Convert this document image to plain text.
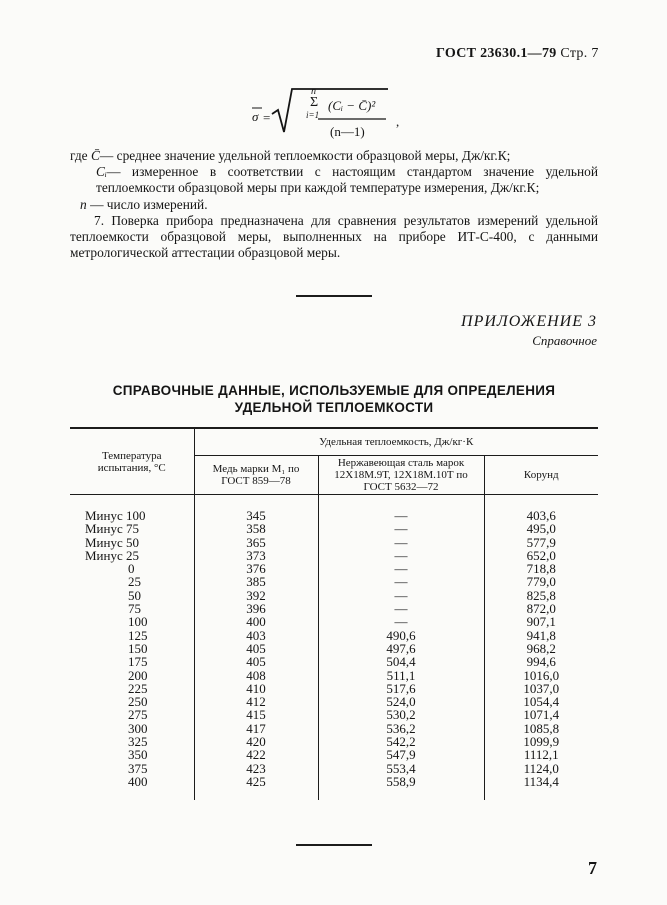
ГОСТ 23630.1—79 Стр. 7
σ =
n
Σ
i=1
(Cᵢ − C̄)²
(n—1)
,
где C̄— среднее значение удельной теплоемкости образцовой меры, Дж/кг.К;
Cᵢ— измеренное в соответствии с настоящим стандартом значение удельной теплоемкости образцовой меры при каждой температуре измерения, Дж/кг.К;
n — число измерений.
7. Поверка прибора предназначена для сравнения результатов измерений удельной теплоемкости образцовой меры, выполненных на приборе ИТ-С-400, с данными метрологической аттестации образцовой меры.
ПРИЛОЖЕНИЕ 3
Справочное
СПРАВОЧНЫЕ ДАННЫЕ, ИСПОЛЬЗУЕМЫЕ ДЛЯ ОПРЕДЕЛЕНИЯ
УДЕЛЬНОЙ ТЕПЛОЕМКОСТИ
Температура испытания, °С	Удельная теплоемкость, Дж/кг·К		
	Медь марки М₁ по ГОСТ 859—78	Нержавеющая сталь марок 12Х18М.9Т, 12Х18М.10Т по ГОСТ 5632—72	Корунд
Минус 100	345	—	403,6
Минус 75	358	—	495,0
Минус 50	365	—	577,9
Минус 25	373	—	652,0
0	376	—	718,8
25	385	—	779,0
50	392	—	825,8
75	396	—	872,0
100	400	—	907,1
125	403	490,6	941,8
150	405	497,6	968,2
175	405	504,4	994,6
200	408	511,1	1016,0
225	410	517,6	1037,0
250	412	524,0	1054,4
275	415	530,2	1071,4
300	417	536,2	1085,8
325	420	542,2	1099,9
350	422	547,9	1112,1
375	423	553,4	1124,0
400	425	558,9	1134,4
7
